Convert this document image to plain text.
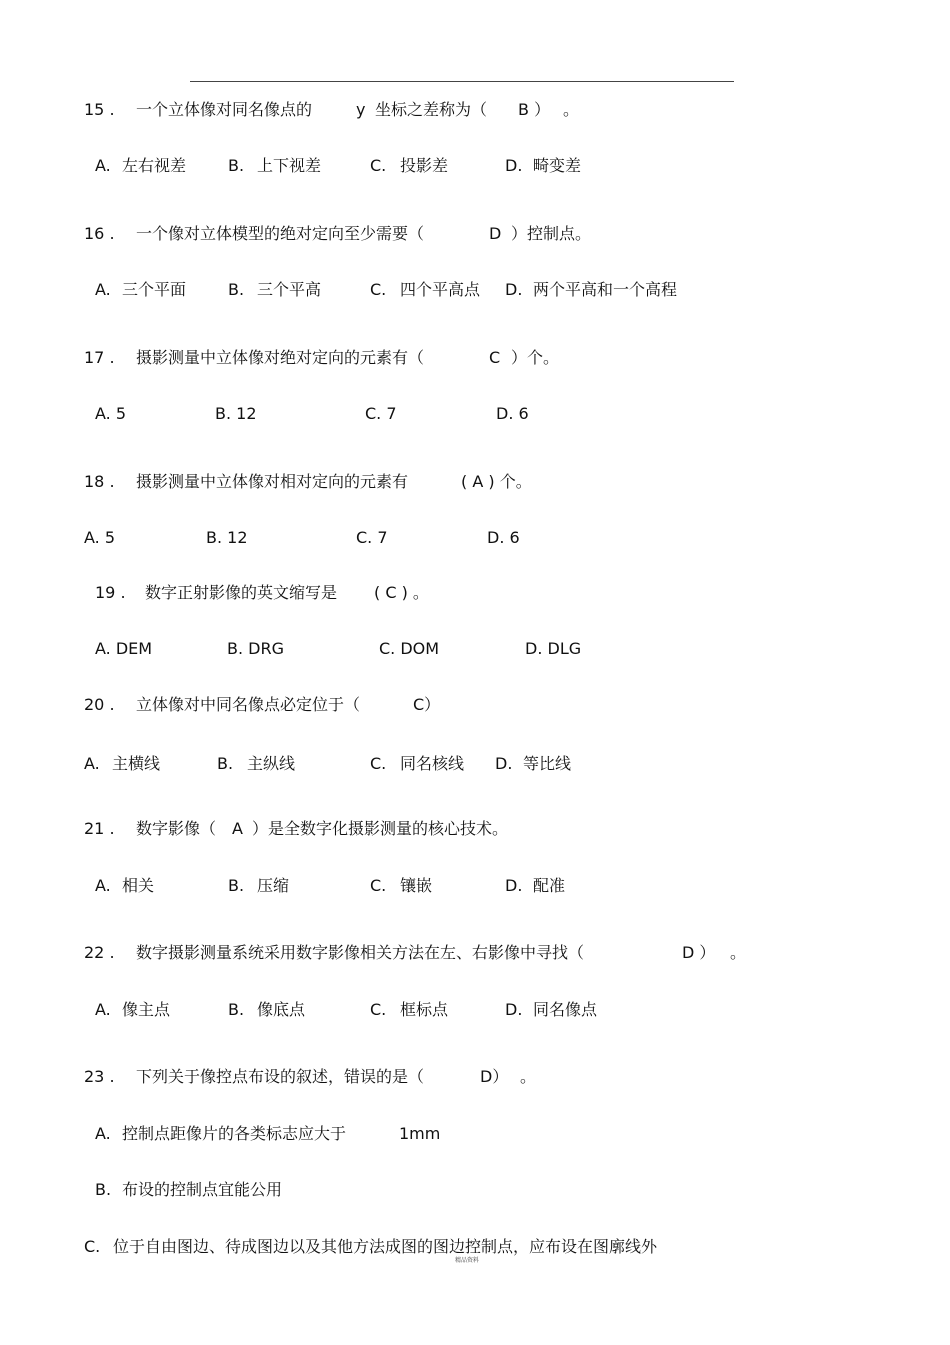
15 . 一个立体像对同名像点的	y 坐标之差称为（ B ） 。
A. 左右视差	B. 上下视差	C. 投影差	D. 畸变差
16 . 一个像对立体模型的绝对定向至少需要（	D ）控制点。
A. 三个平面	B. 三个平高	C. 四个平高点 D. 两个平高和一个高程
17 . 摄影测量中立体像对绝对定向的元素有（	C ）个。
A. 5	B. 12	C. 7	D. 6
18 . 摄影测量中立体像对相对定向的元素有	( A ) 个。
A. 5	B. 12	C. 7	D. 6
19 . 数字正射影像的英文缩写是 ( C ) 。
A. DEM	B. DRG	C. DOM	D. DLG
20 . 立体像对中同名像点必定位于（	C）
A. 主横线	B. 主纵线	C. 同名核线 D. 等比线
21 . 数字影像（ A ）是全数字化摄影测量的核心技术。
A. 相关	B. 压缩	C. 镶嵌	D. 配准
22 . 数字摄影测量系统采用数字影像相关方法在左、右影像中寻找（	D ） 。
A. 像主点	B. 像底点	C. 框标点	D. 同名像点
23 . 下列关于像控点布设的叙述，错误的是（	D） 。
A. 控制点距像片的各类标志应大于	1mm
B. 布设的控制点宜能公用
C. 位于自由图边、待成图边以及其他方法成图的图边控制点，应布设在图廓线外
精品资料
